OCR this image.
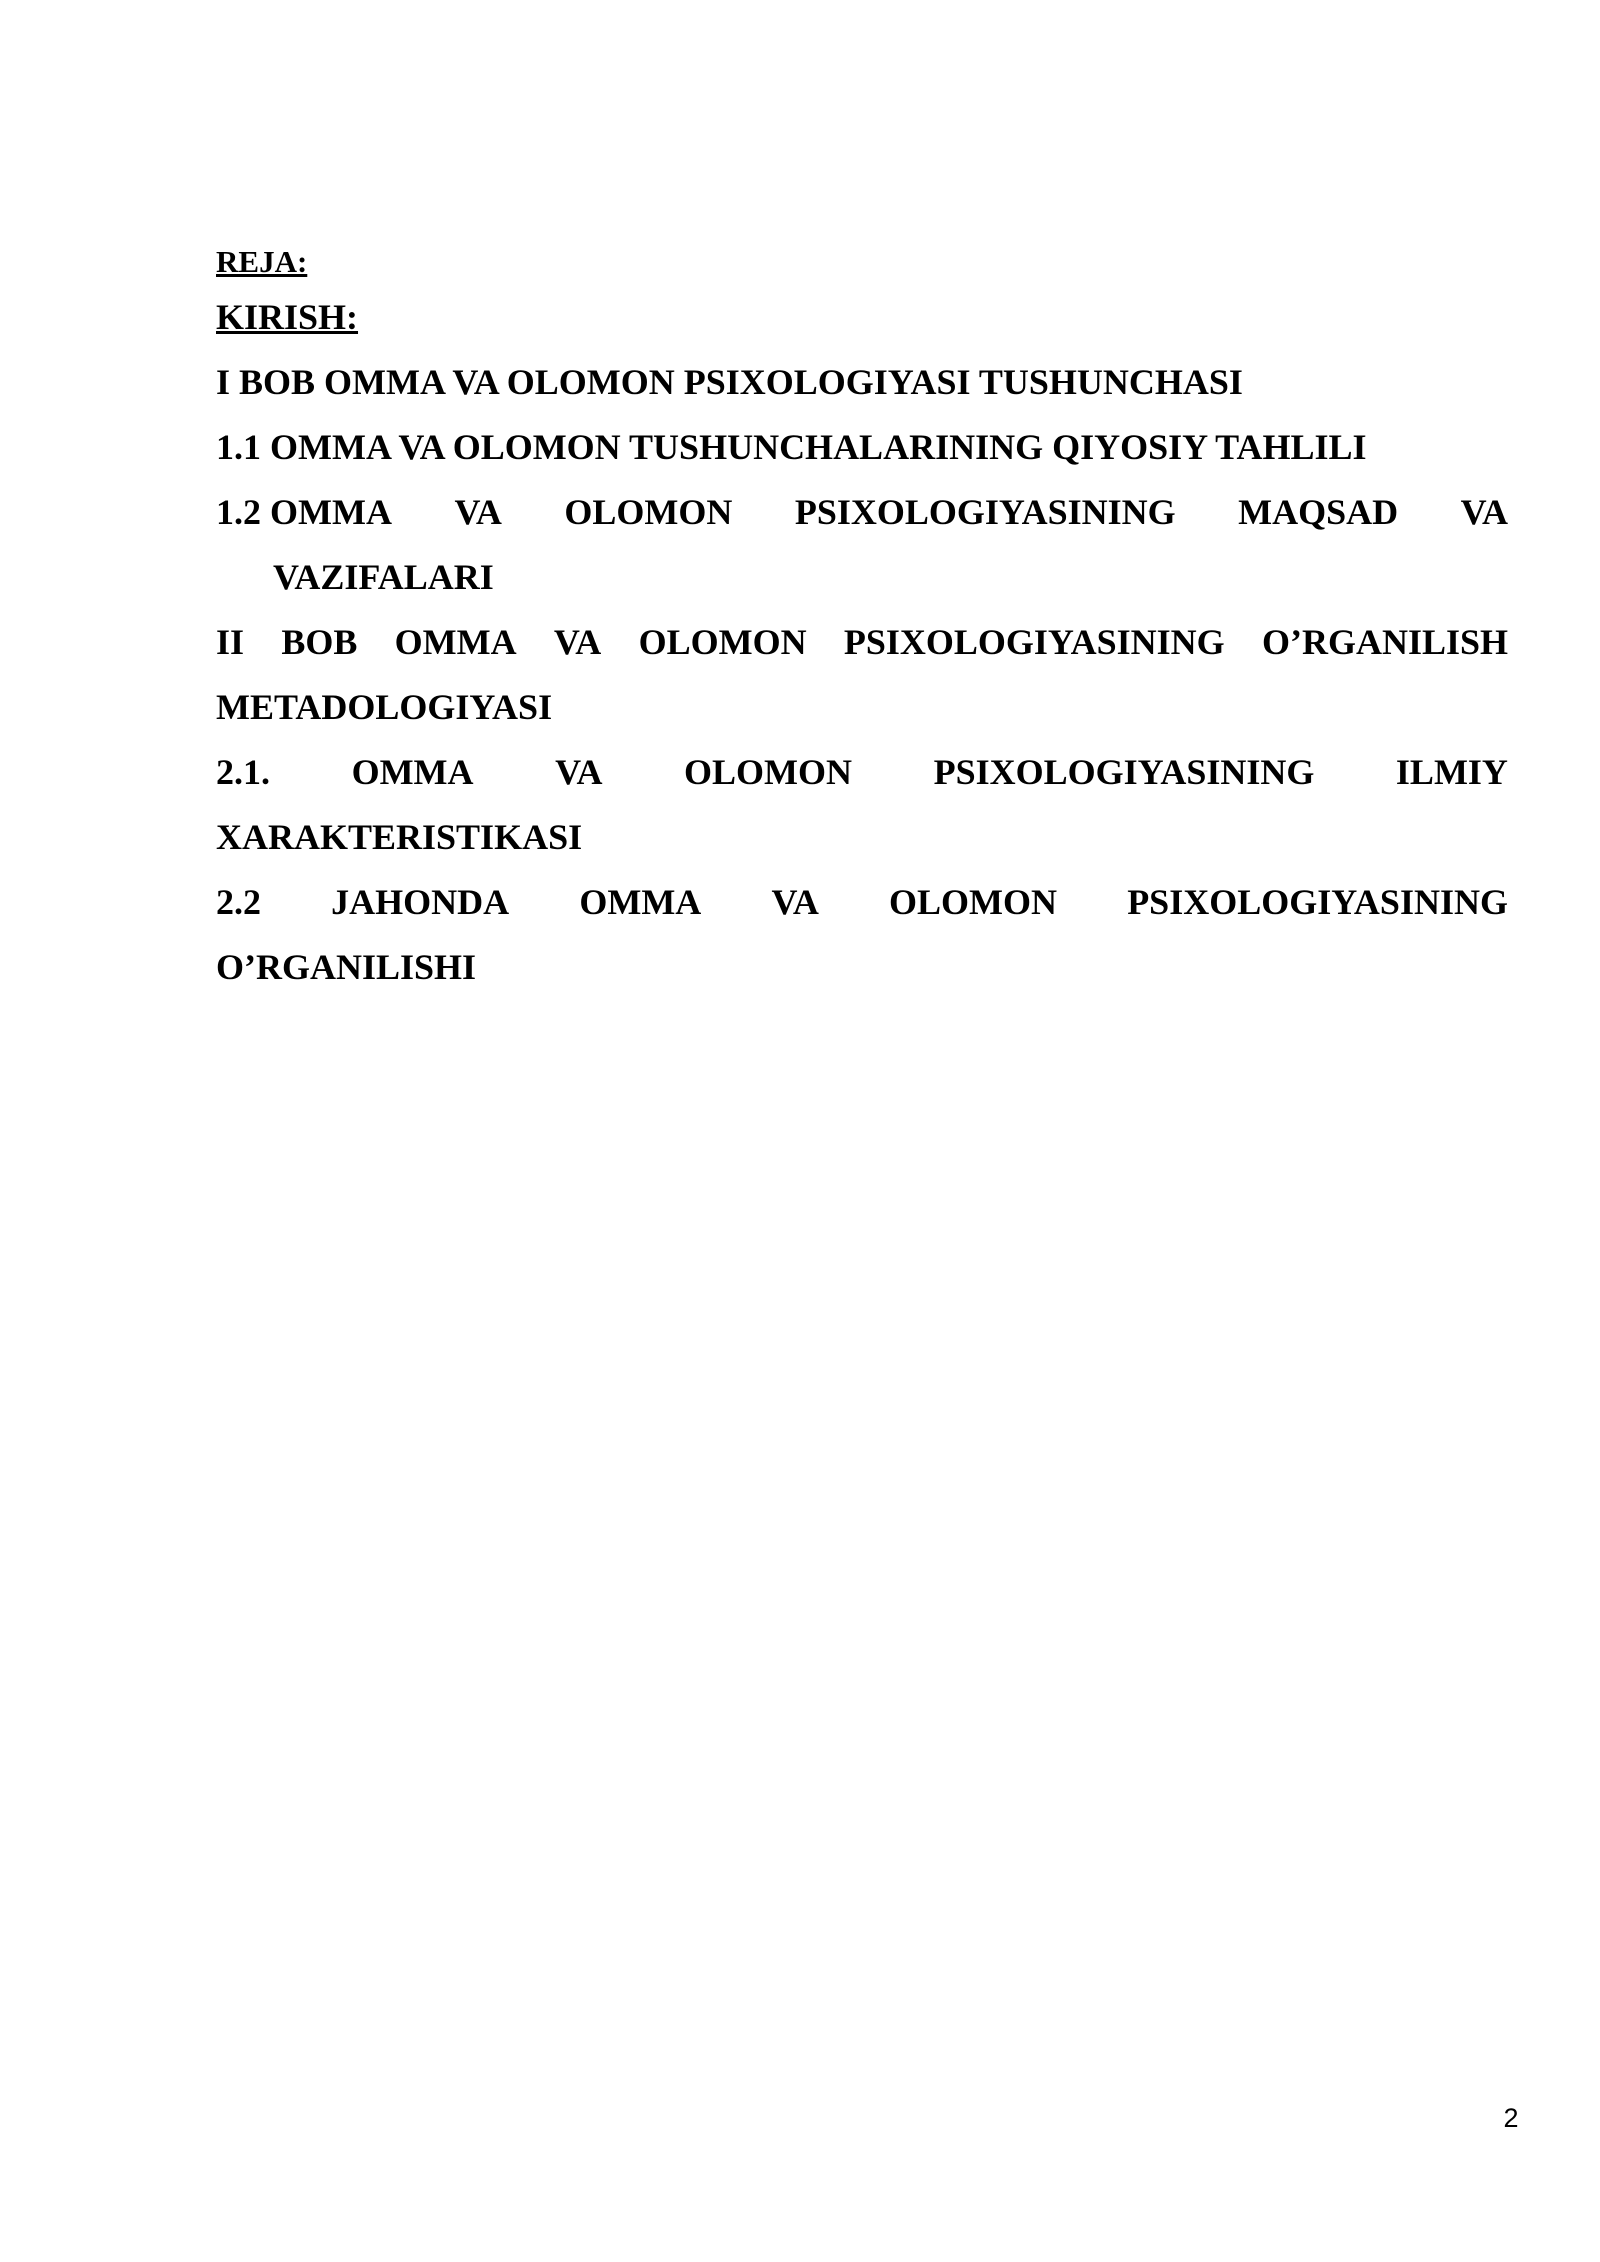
REJA:

KIRISH:

I BOB OMMA VA OLOMON PSIXOLOGIYASI TUSHUNCHASI

1.1 OMMA VA OLOMON TUSHUNCHALARINING QIYOSIY TAHLILI

1.2 OMMA VA OLOMON PSIXOLOGIYASINING MAQSAD VA

VAZIFALARI

II BOB OMMA VA OLOMON PSIXOLOGIYASINING O’RGANILISH

METADOLOGIYASI

2.1. OMMA VA OLOMON PSIXOLOGIYASINING ILMIY

XARAKTERISTIKASI

2.2 JAHONDA OMMA VA OLOMON PSIXOLOGIYASINING

O’RGANILISHI

2
